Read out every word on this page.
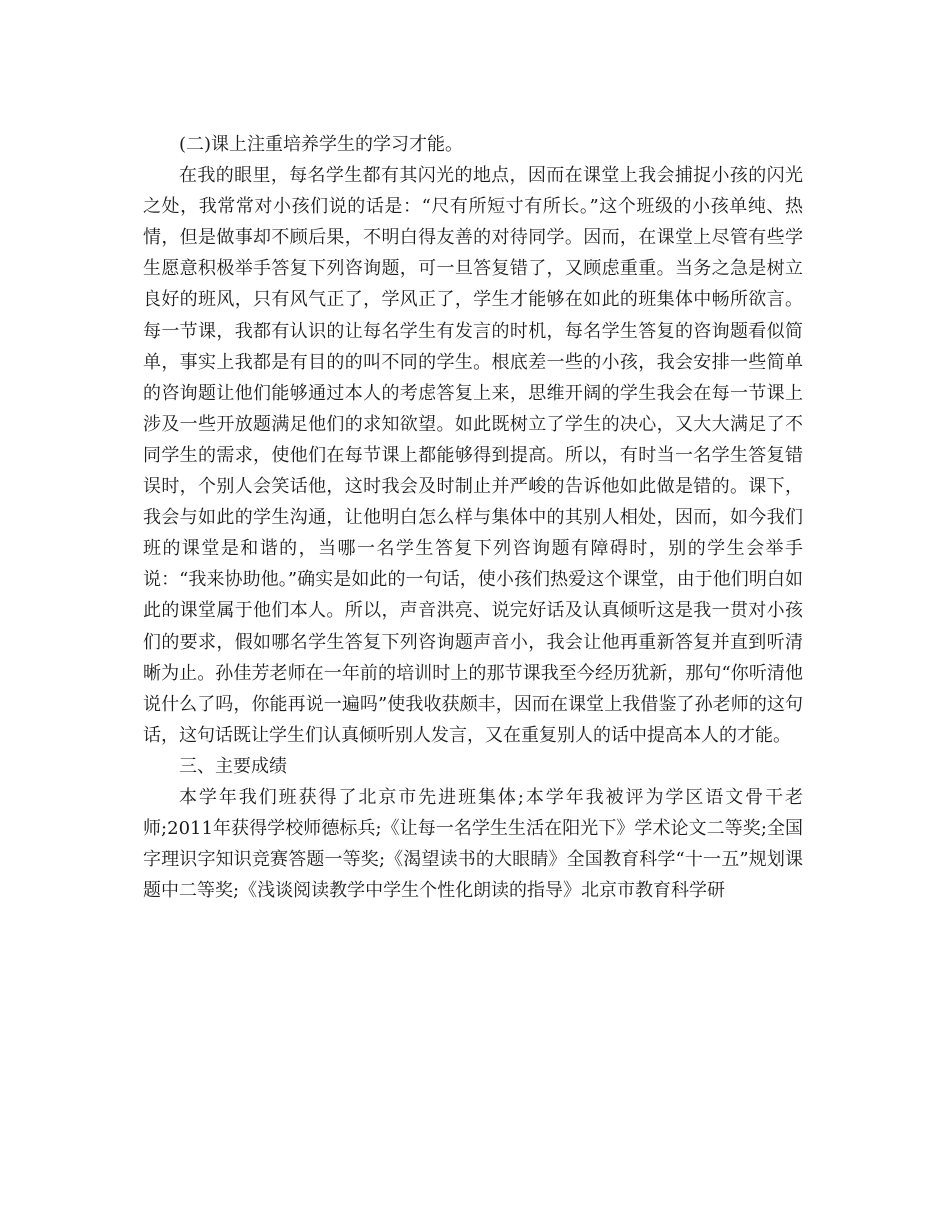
(二)课上注重培养学生的学习才能。

在我的眼里，每名学生都有其闪光的地点，因而在课堂上我会捕捉小孩的闪光之处，我常常对小孩们说的话是：“尺有所短寸有所长。”这个班级的小孩单纯、热情，但是做事却不顾后果，不明白得友善的对待同学。因而，在课堂上尽管有些学生愿意积极举手答复下列咨询题，可一旦答复错了，又顾虑重重。当务之急是树立良好的班风，只有风气正了，学风正了，学生才能够在如此的班集体中畅所欲言。每一节课，我都有认识的让每名学生有发言的时机，每名学生答复的咨询题看似简单，事实上我都是有目的的叫不同的学生。根底差一些的小孩，我会安排一些简单的咨询题让他们能够通过本人的考虑答复上来，思维开阔的学生我会在每一节课上涉及一些开放题满足他们的求知欲望。如此既树立了学生的决心，又大大满足了不同学生的需求，使他们在每节课上都能够得到提高。所以，有时当一名学生答复错误时，个别人会笑话他，这时我会及时制止并严峻的告诉他如此做是错的。课下，我会与如此的学生沟通，让他明白怎么样与集体中的其别人相处，因而，如今我们班的课堂是和谐的，当哪一名学生答复下列咨询题有障碍时，别的学生会举手说：“我来协助他。”确实是如此的一句话，使小孩们热爱这个课堂，由于他们明白如此的课堂属于他们本人。所以，声音洪亮、说完好话及认真倾听这是我一贯对小孩们的要求，假如哪名学生答复下列咨询题声音小，我会让他再重新答复并直到听清晰为止。孙佳芳老师在一年前的培训时上的那节课我至今经历犹新，那句“你听清他说什么了吗，你能再说一遍吗”使我收获颇丰，因而在课堂上我借鉴了孙老师的这句话，这句话既让学生们认真倾听别人发言，又在重复别人的话中提高本人的才能。

三、主要成绩

本学年我们班获得了北京市先进班集体;本学年我被评为学区语文骨干老师;2011年获得学校师德标兵;《让每一名学生生活在阳光下》学术论文二等奖;全国字理识字知识竞赛答题一等奖;《渴望读书的大眼睛》全国教育科学“十一五”规划课题中二等奖;《浅谈阅读教学中学生个性化朗读的指导》北京市教育科学研
